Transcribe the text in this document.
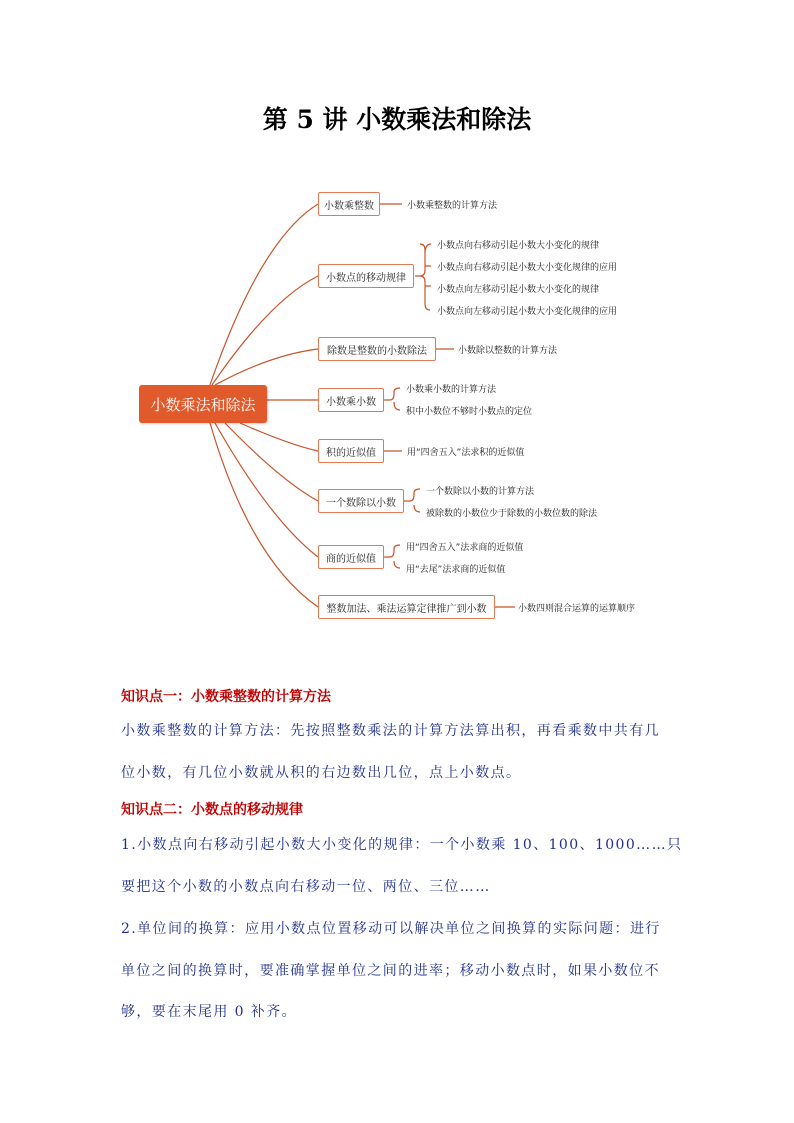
第 5 讲 小数乘法和除法
小数乘法和除法
小数乘整数
小数点的移动规律
除数是整数的小数除法
小数乘小数
积的近似值
一个数除以小数
商的近似值
整数加法、乘法运算定律推广到小数
小数乘整数的计算方法
小数点向右移动引起小数大小变化的规律
小数点向右移动引起小数大小变化规律的应用
小数点向左移动引起小数大小变化的规律
小数点向左移动引起小数大小变化规律的应用
小数除以整数的计算方法
小数乘小数的计算方法
积中小数位不够时小数点的定位
用“四舍五入”法求积的近似值
一个数除以小数的计算方法
被除数的小数位少于除数的小数位数的除法
用“四舍五入”法求商的近似值
用“去尾”法求商的近似值
小数四则混合运算的运算顺序
知识点一：小数乘整数的计算方法
小数乘整数的计算方法：先按照整数乘法的计算方法算出积，再看乘数中共有几
位小数，有几位小数就从积的右边数出几位，点上小数点。
知识点二：小数点的移动规律
1.小数点向右移动引起小数大小变化的规律：一个小数乘 10、100、1000……只
要把这个小数的小数点向右移动一位、两位、三位……
2.单位间的换算：应用小数点位置移动可以解决单位之间换算的实际问题：进行
单位之间的换算时，要准确掌握单位之间的进率；移动小数点时，如果小数位不
够，要在末尾用 0 补齐。
